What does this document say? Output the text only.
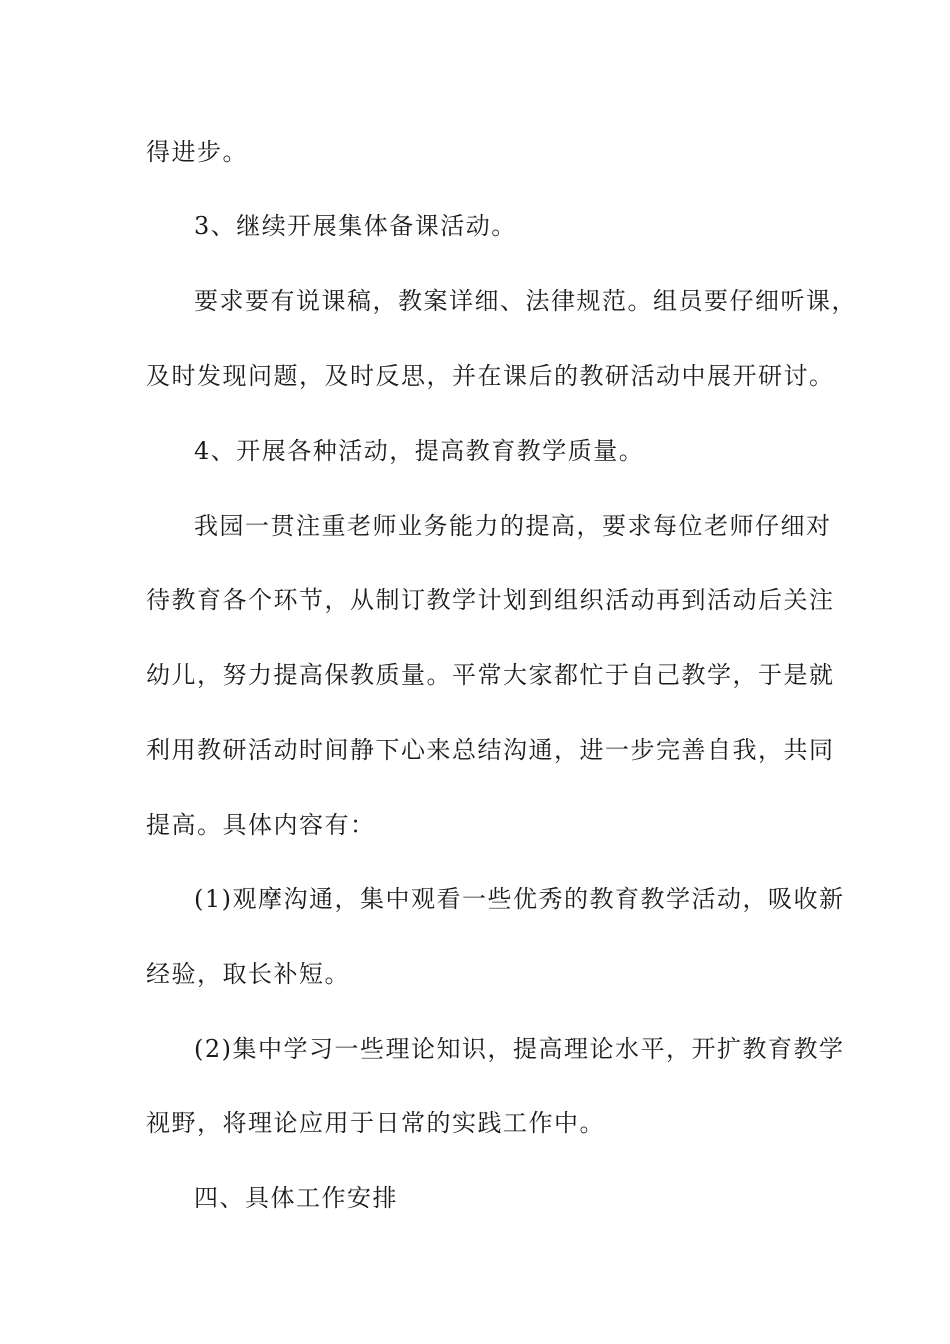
得进步。
3、继续开展集体备课活动。
要求要有说课稿，教案详细、法律规范。组员要仔细听课，
及时发现问题，及时反思，并在课后的教研活动中展开研讨。
4、开展各种活动，提高教育教学质量。
我园一贯注重老师业务能力的提高，要求每位老师仔细对
待教育各个环节，从制订教学计划到组织活动再到活动后关注
幼儿，努力提高保教质量。平常大家都忙于自己教学，于是就
利用教研活动时间静下心来总结沟通，进一步完善自我，共同
提高。具体内容有：
(1)观摩沟通，集中观看一些优秀的教育教学活动，吸收新
经验，取长补短。
(2)集中学习一些理论知识，提高理论水平，开扩教育教学
视野，将理论应用于日常的实践工作中。
四、具体工作安排
